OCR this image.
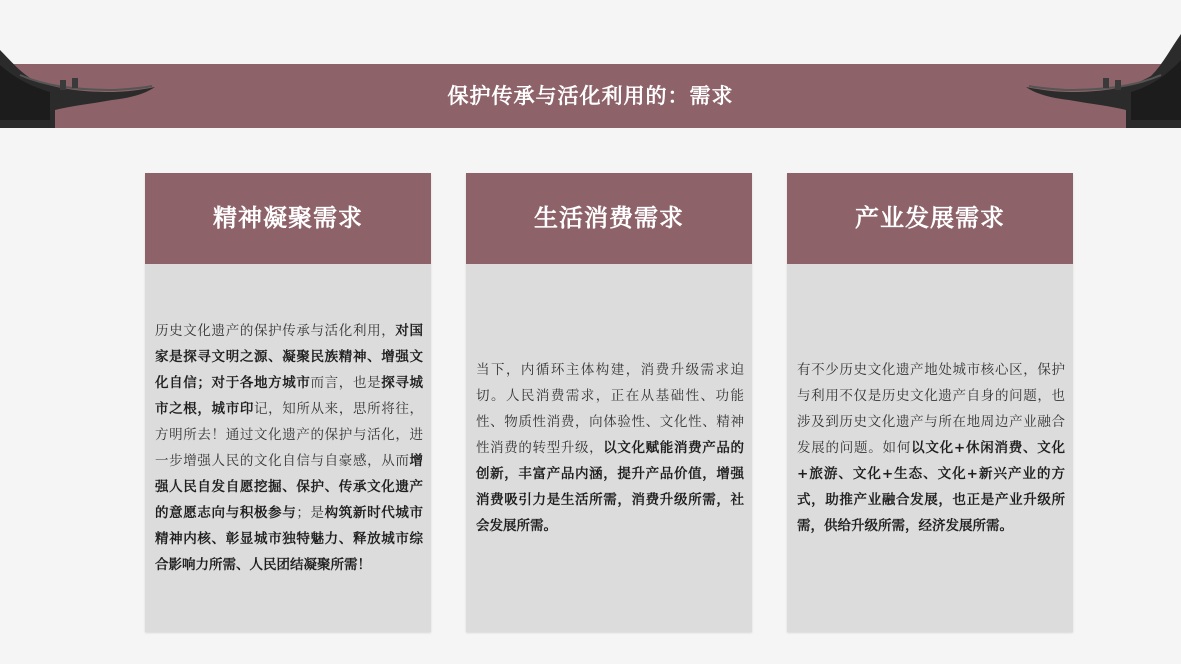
保护传承与活化利用的：需求
精神凝聚需求
历史文化遗产的保护传承与活化利用，对国家是探寻文明之源、凝聚民族精神、增强文化自信；对于各地方城市而言，也是探寻城市之根，城市印记，知所从来，思所将往，方明所去！通过文化遗产的保护与活化，进一步增强人民的文化自信与自豪感，从而增强人民自发自愿挖掘、保护、传承文化遗产的意愿志向与积极参与；是构筑新时代城市精神内核、彰显城市独特魅力、释放城市综合影响力所需、人民团结凝聚所需！
生活消费需求
当下，内循环主体构建，消费升级需求迫切。人民消费需求，正在从基础性、功能性、物质性消费，向体验性、文化性、精神性消费的转型升级，以文化赋能消费产品的创新，丰富产品内涵，提升产品价值，增强消费吸引力是生活所需，消费升级所需，社会发展所需。
产业发展需求
有不少历史文化遗产地处城市核心区，保护与利用不仅是历史文化遗产自身的问题，也涉及到历史文化遗产与所在地周边产业融合发展的问题。如何以文化+休闲消费、文化+旅游、文化+生态、文化+新兴产业的方式，助推产业融合发展，也正是产业升级所需，供给升级所需，经济发展所需。
